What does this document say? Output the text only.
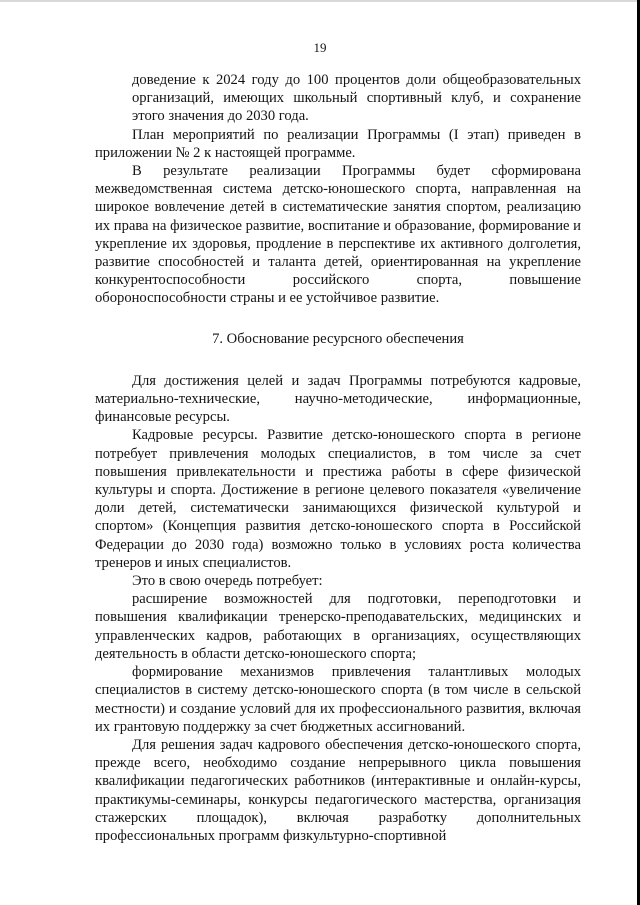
19

доведение к 2024 году до 100 процентов доли общеобразовательных организаций, имеющих школьный спортивный клуб, и сохранение этого значения до 2030 года.

План мероприятий по реализации Программы (I этап) приведен в приложении № 2 к настоящей программе.

В результате реализации Программы будет сформирована межведомственная система детско-юношеского спорта, направленная на широкое вовлечение детей в систематические занятия спортом, реализацию их права на физическое развитие, воспитание и образование, формирование и укрепление их здоровья, продление в перспективе их активного долголетия, развитие способностей и таланта детей, ориентированная на укрепление конкурентоспособности российского спорта, повышение обороноспособности страны и ее устойчивое развитие.

7. Обоснование ресурсного обеспечения

Для достижения целей и задач Программы потребуются кадровые, материально-технические, научно-методические, информационные, финансовые ресурсы.

Кадровые ресурсы. Развитие детско-юношеского спорта в регионе потребует привлечения молодых специалистов, в том числе за счет повышения привлекательности и престижа работы в сфере физической культуры и спорта. Достижение в регионе целевого показателя «увеличение доли детей, систематически занимающихся физической культурой и спортом» (Концепция развития детско-юношеского спорта в Российской Федерации до 2030 года) возможно только в условиях роста количества тренеров и иных специалистов.

Это в свою очередь потребует:

расширение возможностей для подготовки, переподготовки и повышения квалификации тренерско-преподавательских, медицинских и управленческих кадров, работающих в организациях, осуществляющих деятельность в области детско-юношеского спорта;

формирование механизмов привлечения талантливых молодых специалистов в систему детско-юношеского спорта (в том числе в сельской местности) и создание условий для их профессионального развития, включая их грантовую поддержку за счет бюджетных ассигнований.

Для решения задач кадрового обеспечения детско-юношеского спорта, прежде всего, необходимо создание непрерывного цикла повышения квалификации педагогических работников (интерактивные и онлайн-курсы, практикумы-семинары, конкурсы педагогического мастерства, организация стажерских площадок), включая разработку дополнительных профессиональных программ физкультурно-спортивной
